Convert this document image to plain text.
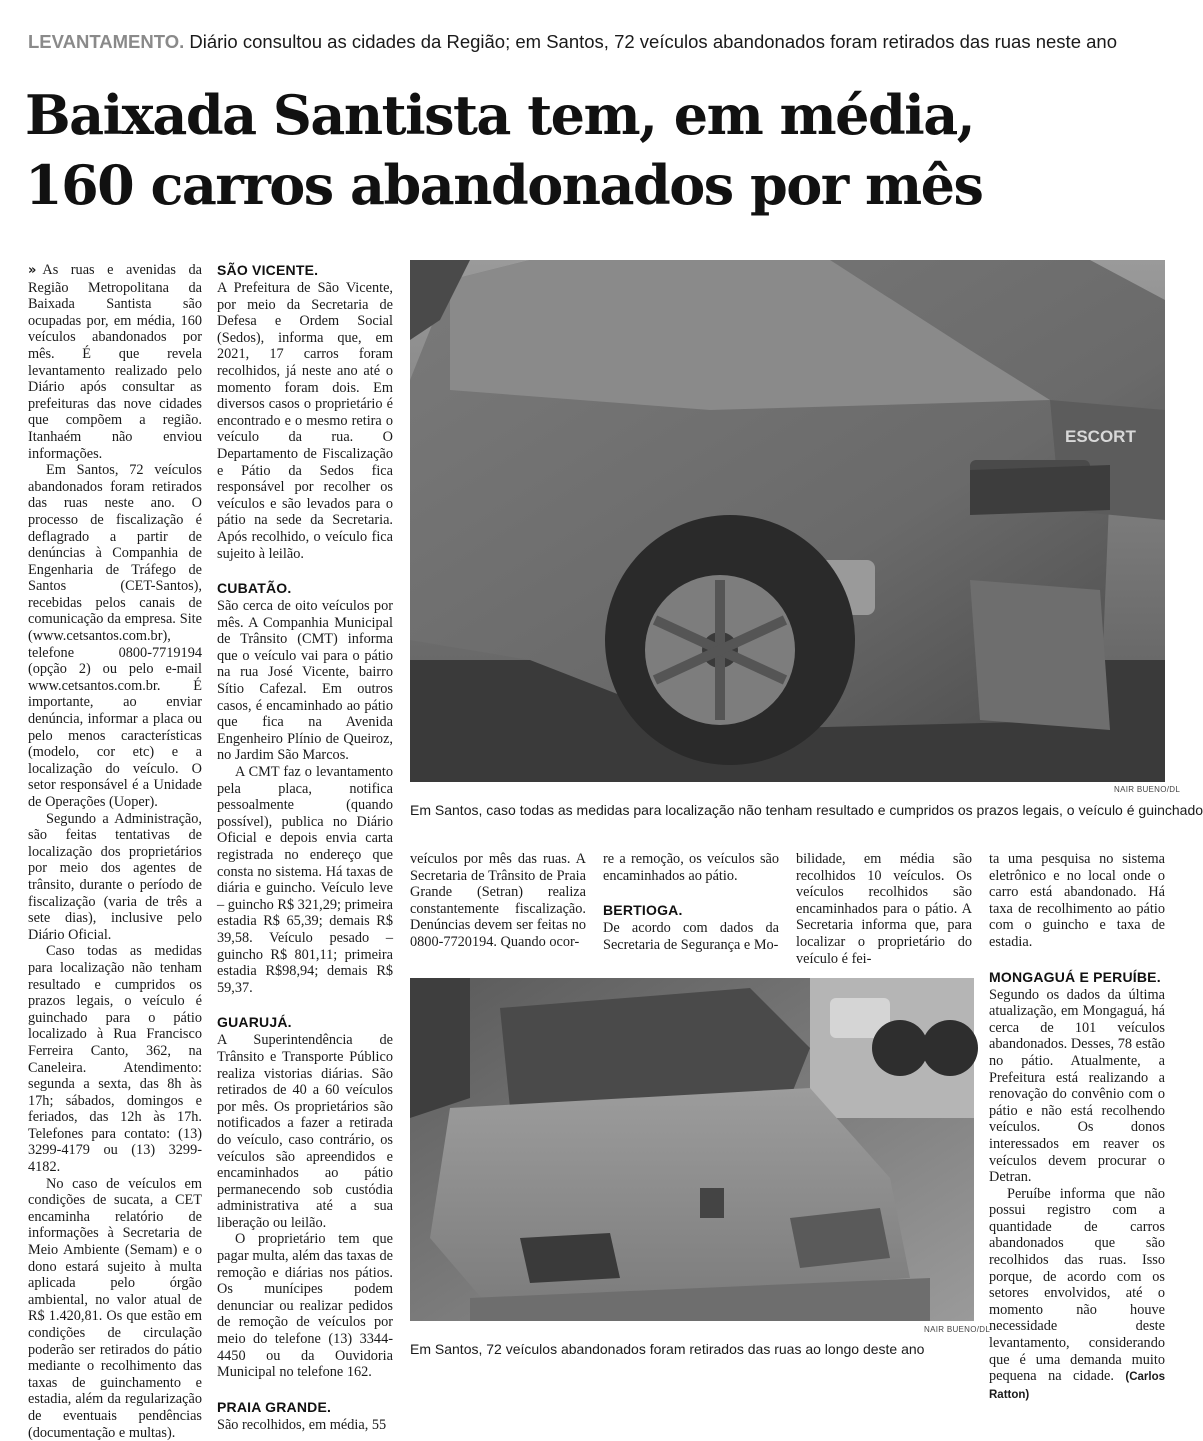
LEVANTAMENTO. Diário consultou as cidades da Região; em Santos, 72 veículos abandonados foram retirados das ruas neste ano
Baixada Santista tem, em média,
160 carros abandonados por mês

» As ruas e avenidas da Região Metropolitana da Baixada Santista são ocupadas por, em média, 160 veículos abandonados por mês. É que revela levantamento realizado pelo Diário após consultar as prefeituras das nove cidades que compõem a região. Itanhaém não enviou informações.

Em Santos, 72 veículos abandonados foram retirados das ruas neste ano. O processo de fiscalização é deflagrado a partir de denúncias à Companhia de Engenharia de Tráfego de Santos (CET-Santos), recebidas pelos canais de comunicação da empresa. Site (www.cetsantos.com.br), telefone 0800-7719194 (opção 2) ou pelo e-mail www.cetsantos.com.br. É importante, ao enviar denúncia, informar a placa ou pelo menos características (modelo, cor etc) e a localização do veículo. O setor responsável é a Unidade de Operações (Uoper).

Segundo a Administração, são feitas tentativas de localização dos proprietários por meio dos agentes de trânsito, durante o período de fiscalização (varia de três a sete dias), inclusive pelo Diário Oficial.

Caso todas as medidas para localização não tenham resultado e cumpridos os prazos legais, o veículo é guinchado para o pátio localizado à Rua Francisco Ferreira Canto, 362, na Caneleira. Atendimento: segunda a sexta, das 8h às 17h; sábados, domingos e feriados, das 12h às 17h. Telefones para contato: (13) 3299-4179 ou (13) 3299-4182.

No caso de veículos em condições de sucata, a CET encaminha relatório de informações à Secretaria de Meio Ambiente (Semam) e o dono estará sujeito à multa aplicada pelo órgão ambiental, no valor atual de R$ 1.420,81. Os que estão em condições de circulação poderão ser retirados do pátio mediante o recolhimento das taxas de guinchamento e estadia, além da regularização de eventuais pendências (documentação e multas).

SÃO VICENTE.

A Prefeitura de São Vicente, por meio da Secretaria de Defesa e Ordem Social (Sedos), informa que, em 2021, 17 carros foram recolhidos, já neste ano até o momento foram dois. Em diversos casos o proprietário é encontrado e o mesmo retira o veículo da rua. O Departamento de Fiscalização e Pátio da Sedos fica responsável por recolher os veículos e são levados para o pátio na sede da Secretaria. Após recolhido, o veículo fica sujeito à leilão.

CUBATÃO.

São cerca de oito veículos por mês. A Companhia Municipal de Trânsito (CMT) informa que o veículo vai para o pátio na rua José Vicente, bairro Sítio Cafezal. Em outros casos, é encaminhado ao pátio que fica na Avenida Engenheiro Plínio de Queiroz, no Jardim São Marcos.

A CMT faz o levantamento pela placa, notifica pessoalmente (quando possível), publica no Diário Oficial e depois envia carta registrada no endereço que consta no sistema. Há taxas de diária e guincho. Veículo leve – guincho R$ 321,29; primeira estadia R$ 65,39; demais R$ 39,58. Veículo pesado – guincho R$ 801,11; primeira estadia R$98,94; demais R$ 59,37.

GUARUJÁ.

A Superintendência de Trânsito e Transporte Público realiza vistorias diárias. São retirados de 40 a 60 veículos por mês. Os proprietários são notificados a fazer a retirada do veículo, caso contrário, os veículos são apreendidos e encaminhados ao pátio permanecendo sob custódia administrativa até a sua liberação ou leilão.

O proprietário tem que pagar multa, além das taxas de remoção e diárias nos pátios. Os munícipes podem denunciar ou realizar pedidos de remoção de veículos por meio do telefone (13) 3344-4450 ou da Ouvidoria Municipal no telefone 162.

PRAIA GRANDE.

São recolhidos, em média, 55

ESCORT
NAIR BUENO/DL
Em Santos, caso todas as medidas para localização não tenham resultado e cumpridos os prazos legais, o veículo é guinchado

veículos por mês das ruas. A Secretaria de Trânsito de Praia Grande (Setran) realiza constantemente fiscalização. Denúncias devem ser feitas no 0800-7720194. Quando ocor-

re a remoção, os veículos são encaminhados ao pátio.

BERTIOGA.

De acordo com dados da Secretaria de Segurança e Mo-

bilidade, em média são recolhidos 10 veículos. Os veículos recolhidos são encaminhados para o pátio. A Secretaria informa que, para localizar o proprietário do veículo é fei-

ta uma pesquisa no sistema eletrônico e no local onde o carro está abandonado. Há taxa de recolhimento ao pátio com o guincho e taxa de estadia.

MONGAGUÁ E PERUÍBE.

Segundo os dados da última atualização, em Mongaguá, há cerca de 101 veículos abandonados. Desses, 78 estão no pátio. Atualmente, a Prefeitura está realizando a renovação do convênio com o pátio e não está recolhendo veículos. Os donos interessados em reaver os veículos devem procurar o Detran.

Peruíbe informa que não possui registro com a quantidade de carros abandonados que são recolhidos das ruas. Isso porque, de acordo com os setores envolvidos, até o momento não houve necessidade deste levantamento, considerando que é uma demanda muito pequena na cidade. (Carlos Ratton)

NAIR BUENO/DL
Em Santos, 72 veículos abandonados foram retirados das ruas ao longo deste ano
